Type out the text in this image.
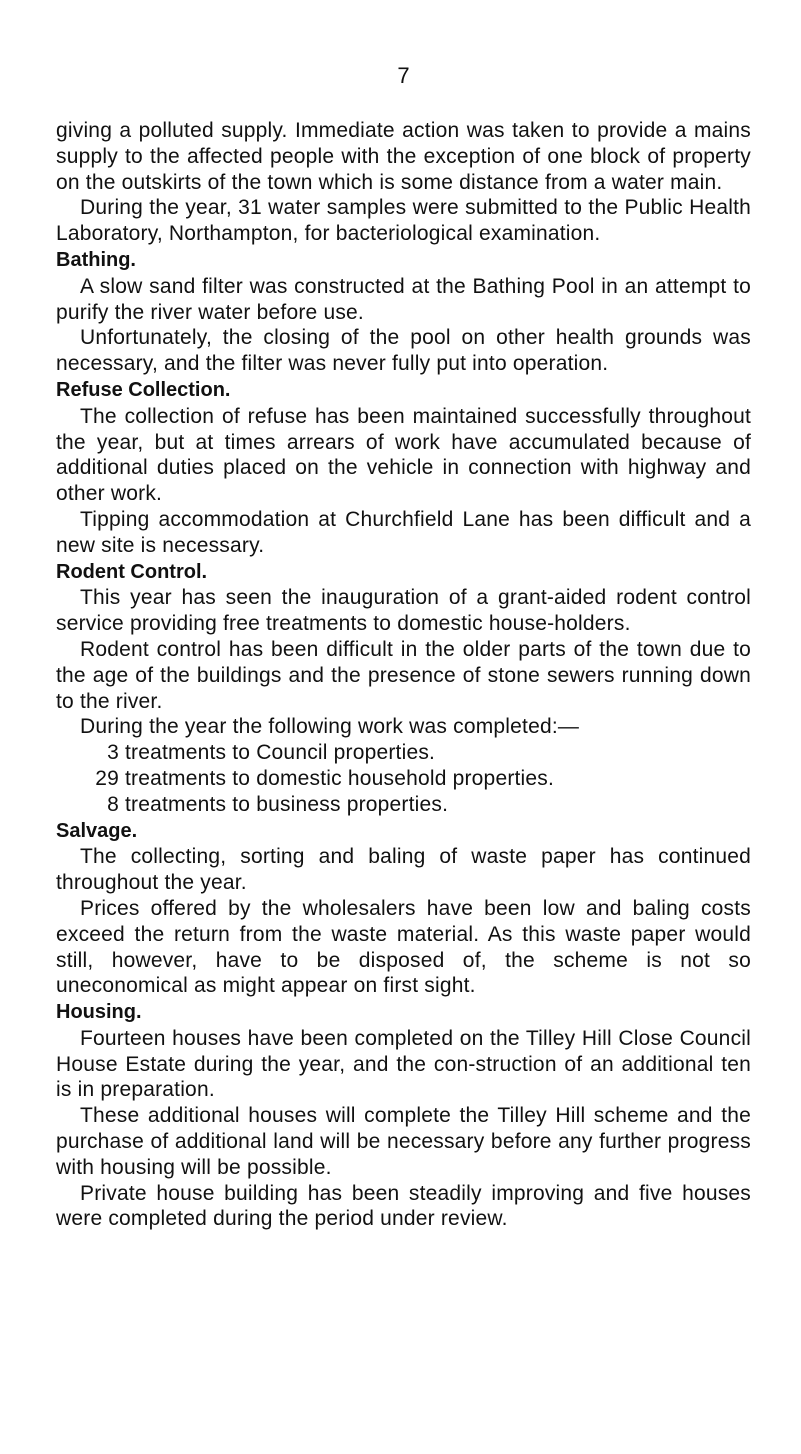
7

giving a polluted supply. Immediate action was taken to provide a mains supply to the affected people with the exception of one block of property on the outskirts of the town which is some distance from a water main.

During the year, 31 water samples were submitted to the Public Health Laboratory, Northampton, for bacteriological examination.

Bathing.

A slow sand filter was constructed at the Bathing Pool in an attempt to purify the river water before use.

Unfortunately, the closing of the pool on other health grounds was necessary, and the filter was never fully put into operation.

Refuse Collection.

The collection of refuse has been maintained successfully throughout the year, but at times arrears of work have accumulated because of additional duties placed on the vehicle in connection with highway and other work.

Tipping accommodation at Churchfield Lane has been difficult and a new site is necessary.

Rodent Control.

This year has seen the inauguration of a grant-aided rodent control service providing free treatments to domestic house-holders.

Rodent control has been difficult in the older parts of the town due to the age of the buildings and the presence of stone sewers running down to the river.

During the year the following work was completed:—

3 treatments to Council properties.
29 treatments to domestic household properties.
8 treatments to business properties.
Salvage.

The collecting, sorting and baling of waste paper has continued throughout the year.

Prices offered by the wholesalers have been low and baling costs exceed the return from the waste material. As this waste paper would still, however, have to be disposed of, the scheme is not so uneconomical as might appear on first sight.

Housing.

Fourteen houses have been completed on the Tilley Hill Close Council House Estate during the year, and the con-struction of an additional ten is in preparation.

These additional houses will complete the Tilley Hill scheme and the purchase of additional land will be necessary before any further progress with housing will be possible.

Private house building has been steadily improving and five houses were completed during the period under review.
